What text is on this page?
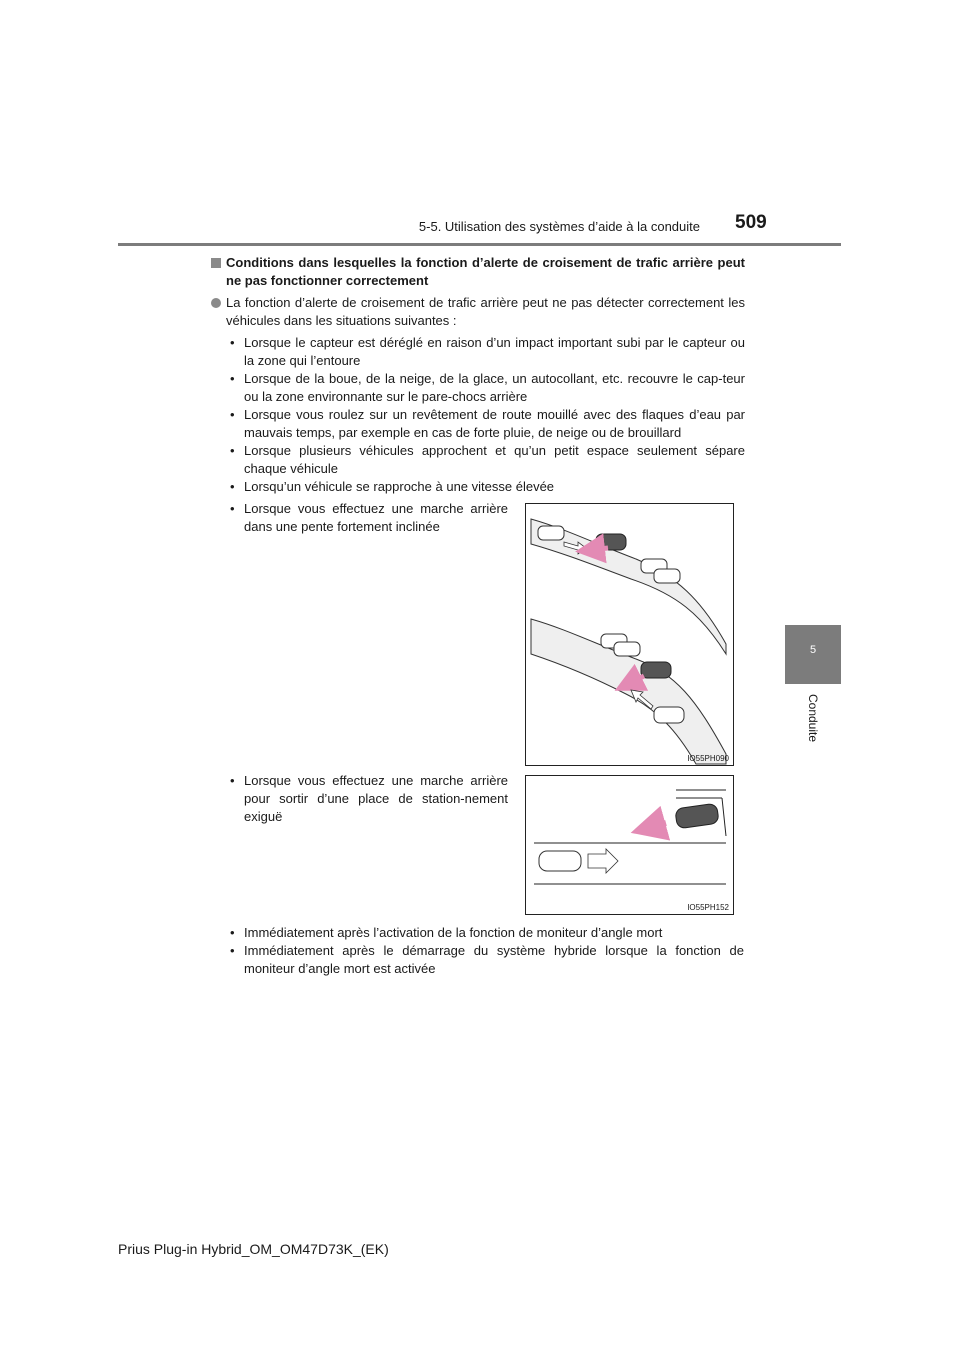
5-5. Utilisation des systèmes d’aide à la conduite 509
5
Conduite
Conditions dans lesquelles la fonction d’alerte de croisement de trafic arrière peut ne pas fonctionner correctement
La fonction d’alerte de croisement de trafic arrière peut ne pas détecter correctement les véhicules dans les situations suivantes :
• Lorsque le capteur est déréglé en raison d’un impact important subi par le capteur ou la zone qui l’entoure
• Lorsque de la boue, de la neige, de la glace, un autocollant, etc. recouvre le cap-teur ou la zone environnante sur le pare-chocs arrière
• Lorsque vous roulez sur un revêtement de route mouillé avec des flaques d’eau par mauvais temps, par exemple en cas de forte pluie, de neige ou de brouillard
• Lorsque plusieurs véhicules approchent et qu’un petit espace seulement sépare chaque véhicule
• Lorsqu’un véhicule se rapproche à une vitesse élevée
• Lorsque vous effectuez une marche arrière dans une pente fortement inclinée
IO55PH090
• Lorsque vous effectuez une marche arrière pour sortir d’une place de station-nement exiguë
IO55PH152
• Immédiatement après l’activation de la fonction de moniteur d’angle mort
• Immédiatement après le démarrage du système hybride lorsque la fonction de moniteur d’angle mort est activée
Prius Plug-in Hybrid_OM_OM47D73K_(EK)
